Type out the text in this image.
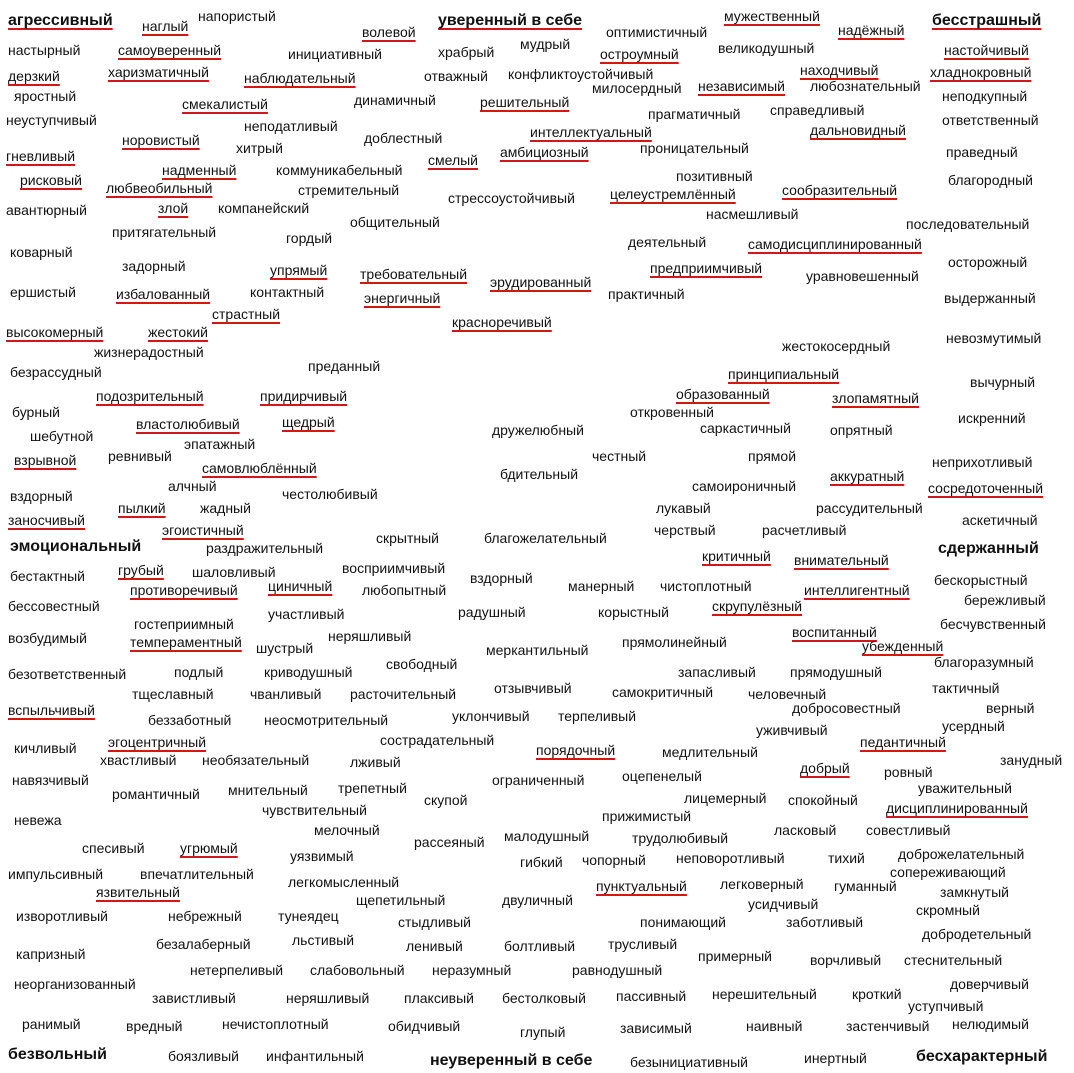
агрессивный наглый
напористый
волевой
уверенный в себе
оптимистичный
мужественный
надёжный
бесстрашный
настырный	самоуверенный	инициативный	храбрый мудрый
остроумный	великодушный	настойчивый
дерзкий	харизматичный	наблюдательный	отважный конфликтоустойчивый	находчивый	хладнокровный
яростный	динамичный	решительный
милосердный независимый любознательный
неподкупный
смекалистый
прагматичный справедливый
неуступчивый	неподатливый
доблестный	интеллектуальный	дальновидный
ответственный
норовистый	хитрый	проницательный
гневливый	амбициозный	праведный
надменный	коммуникабельный
смелый
позитивный
рисковый любвеобильный	стремительный	целеустремлённый	сообразительный
благородный
стрессоустойчивый
авантюрный	злой компанейский	насмешливый
общительный	последовательный
притягательный	гордый	деятельный	самодисциплинированный
коварный
осторожный
задорный	упрямый	предприимчивый
требовательный	уравновешенный
эрудированный
ершистый	избалованный	контактный	энергичный	практичный	выдержанный
страстный	красноречивый
высокомерный	жестокий	невозмутимый
жестокосердный
жизнерадостный
преданный
безрассудный	принципиальный	вычурный
подозрительный	придирчивый	образованный	злопамятный
бурный	откровенный	искренний
властолюбивый	щедрый	дружелюбный	саркастичный	опрятный
шебутной	эпатажный
взрывной ревнивый	честный	прямой	неприхотливый
самовлюблённый	бдительный	аккуратный
алчный	самоироничный	сосредоточенный
вздорный	честолюбивый
пылкий жадный	лукавый	рассудительный
заносчивый	аскетичный
эгоистичный	черствый	расчетливый
скрытный	благожелательный
эмоциональный	раздражительный	сдержанный
критичный внимательный
грубый шаловливый	восприимчивый
бестактный	вздорный	бескорыстный
манерный чистоплотный
противоречивый циничный любопытный	интеллигентный
бережливый
бессовестный	участливый	радушный	корыстный	скрупулёзный
гостеприимный	бесчувственный
неряшливый	воспитанный
возбудимый	темпераментный шустрый	прямолинейный	убежденный
меркантильный
свободный	благоразумный
безответственный	подлый	криводушный	запасливый прямодушный
отзывчивый	тактичный
тщеславный	чванливый расточительный	самокритичный человечный
вспыльчивый	добросовестный	верный
беззаботный неосмотрительный	уклончивый терпеливый
усердный
уживчивый
эгоцентричный	сострадательный	педантичный
кичливый	порядочный
хвастливый необязательный	лживый
медлительный	занудный
добрый ровный
навязчивый	трепетный	ограниченный	оцепенелый
уважительный
романтичный мнительный
скупой	лицемерный спокойный
чувствительный	дисциплинированный
невежа	прижимистый
мелочный	ласковый совестливый
малодушный	трудолюбивый
спесивый	угрюмый	рассеяный
уязвимый	гибкий чопорный неповоротливый	тихий доброжелательный
сопереживающий
импульсивный	впечатлительный легкомысленный	пунктуальный легковерный гуманный
язвительный	замкнутый
щепетильный	двуличный	усидчивый
изворотливый	небрежный	тунеядец	стыдливый	понимающий	заботливый
скромный
добродетельный
льстивый
безалаберный	ленивый	болтливый трусливый
капризный	примерный	ворчливый стеснительный
нетерпеливый слабовольный неразумный	равнодушный
неорганизованный	доверчивый
завистливый	неряшливый плаксивый бестолковый пассивный нерешительный	кроткий
уступчивый
ранимый	вредный	нечистоплотный	обидчивый	глупый	зависимый	наивный	застенчивый нелюдимый
безвольный	боязливый инфантильный	неуверенный в себе	безынициативный	инертный	бесхарактерный
